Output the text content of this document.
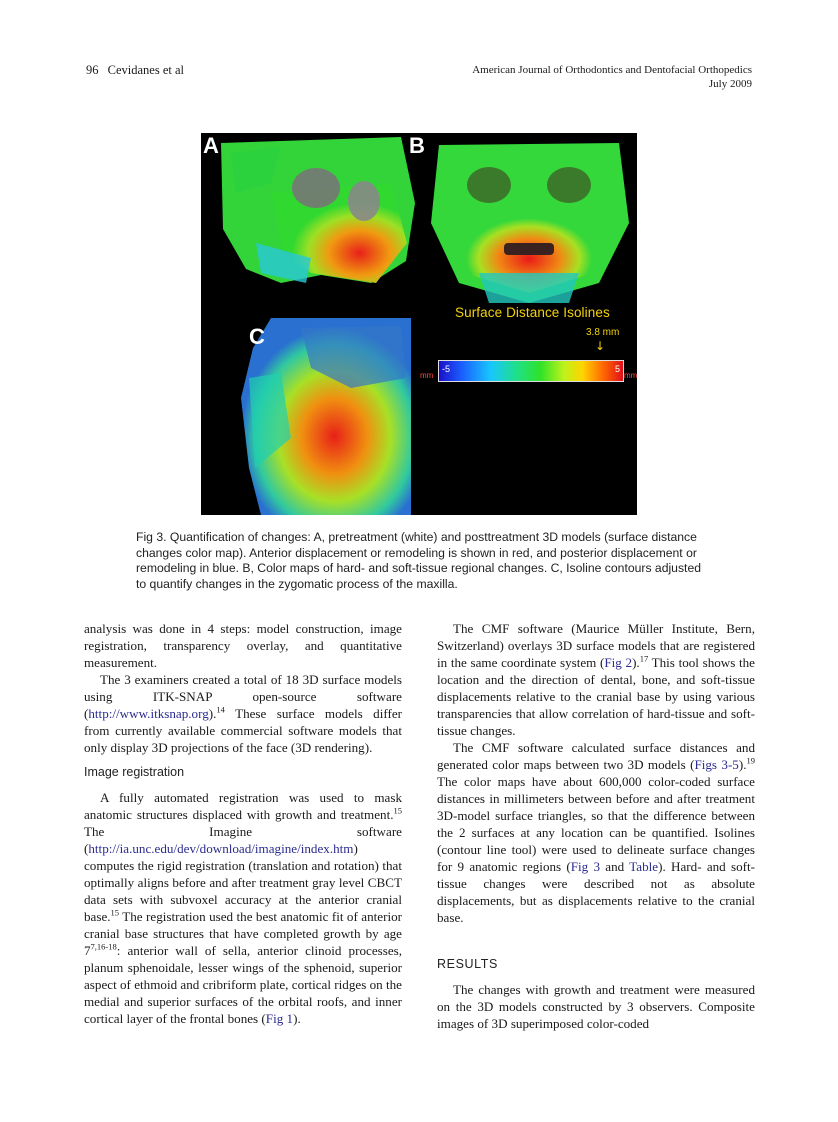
96 Cevidanes et al	American Journal of Orthodontics and Dentofacial Orthopedics
July 2009
A	B
C
Surface Distance Isolines
3.8 mm
↓
mm
-5	5
mm
Fig 3. Quantification of changes: A, pretreatment (white) and posttreatment 3D models (surface distance changes color map). Anterior displacement or remodeling is shown in red, and posterior displacement or remodeling in blue. B, Color maps of hard- and soft-tissue regional changes. C, Isoline contours adjusted to quantify changes in the zygomatic process of the maxilla.

analysis was done in 4 steps: model construction, image registration, transparency overlay, and quantitative measurement.

The 3 examiners created a total of 18 3D surface models using ITK-SNAP open-source software (http://www.itksnap.org).$^{14}$ These surface models differ from currently available commercial software models that only display 3D projections of the face (3D rendering).

Image registration

A fully automated registration was used to mask anatomic structures displaced with growth and treatment.$^{15}$ The Imagine software (http://ia.unc.edu/dev/download/imagine/index.htm) computes the rigid registration (translation and rotation) that optimally aligns before and after treatment gray level CBCT data sets with subvoxel accuracy at the anterior cranial base.$^{15}$ The registration used the best anatomic fit of anterior cranial base structures that have completed growth by age 7$^{7,16-18}$: anterior wall of sella, anterior clinoid processes, planum sphenoidale, lesser wings of the sphenoid, superior aspect of ethmoid and cribriform plate, cortical ridges on the medial and superior surfaces of the orbital roofs, and inner cortical layer of the frontal bones (Fig 1).

The CMF software (Maurice Müller Institute, Bern, Switzerland) overlays 3D surface models that are registered in the same coordinate system (Fig 2).$^{17}$ This tool shows the location and the direction of dental, bone, and soft-tissue displacements relative to the cranial base by using various transparencies that allow correlation of hard-tissue and soft-tissue changes.

The CMF software calculated surface distances and generated color maps between two 3D models (Figs 3-5).$^{19}$ The color maps have about 600,000 color-coded surface distances in millimeters between before and after treatment 3D-model surface triangles, so that the difference between the 2 surfaces at any location can be quantified. Isolines (contour line tool) were used to delineate surface changes for 9 anatomic regions (Fig 3 and Table). Hard- and soft-tissue changes were described not as absolute displacements, but as displacements relative to the cranial base.

RESULTS

The changes with growth and treatment were measured on the 3D models constructed by 3 observers. Composite images of 3D superimposed color-coded
